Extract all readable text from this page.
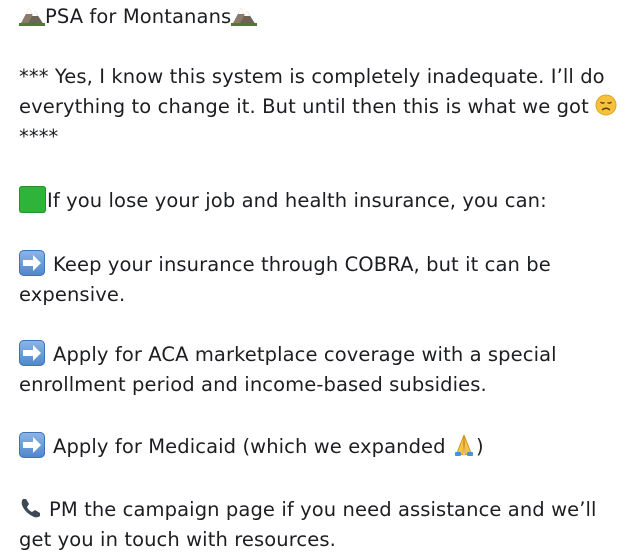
PSA for Montanans

*** Yes, I know this system is completely inadequate. I’ll do everything to change it. But until then this is what we got
****

If you lose your job and health insurance, you can:

Keep your insurance through COBRA, but it can be expensive.

Apply for ACA marketplace coverage with a special enrollment period and income-based subsidies.

Apply for Medicaid (which we expanded )

PM the campaign page if you need assistance and we’ll get you in touch with resources.
